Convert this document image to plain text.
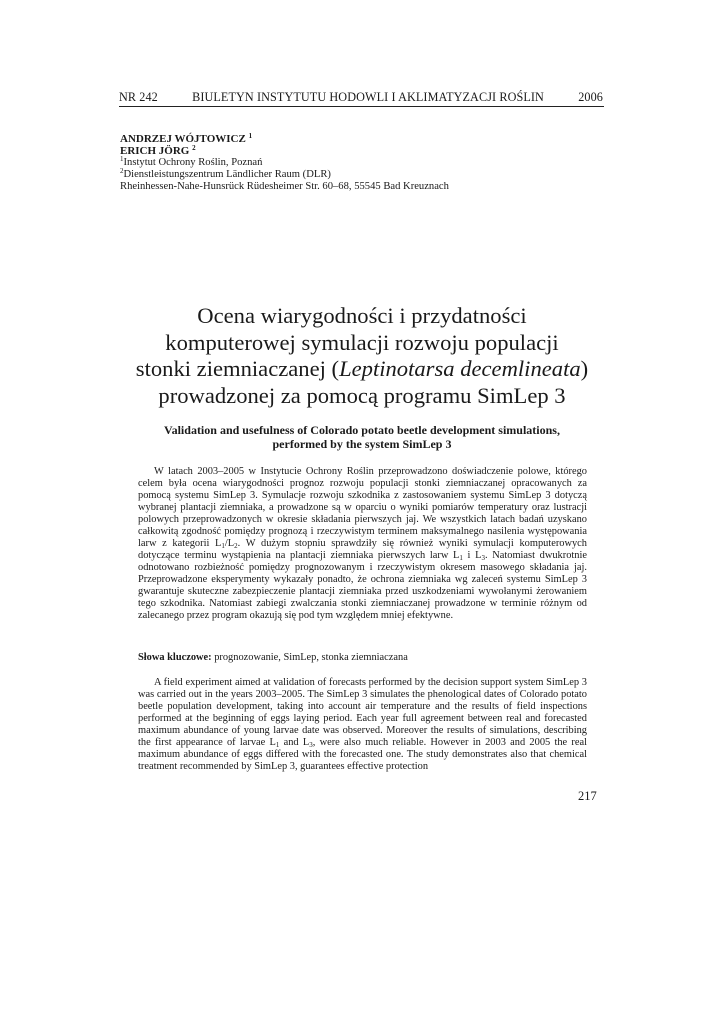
NR 242	BIULETYN INSTYTUTU HODOWLI I AKLIMATYZACJI ROŚLIN	2006
ANDRZEJ WÓJTOWICZ $^1$
ERICH JÖRG $^2$
$^1$Instytut Ochrony Roślin, Poznań
$^2$Dienstleistungszentrum Ländlicher Raum (DLR)
Rheinhessen-Nahe-Hunsrück Rüdesheimer Str. 60–68, 55545 Bad Kreuznach
Ocena wiarygodności i przydatności
komputerowej symulacji rozwoju populacji
stonki ziemniaczanej (Leptinotarsa decemlineata)
prowadzonej za pomocą programu SimLep 3
Validation and usefulness of Colorado potato beetle development simulations,
performed by the system SimLep 3

W latach 2003–2005 w Instytucie Ochrony Roślin przeprowadzono doświadczenie polowe, którego celem była ocena wiarygodności prognoz rozwoju populacji stonki ziemniaczanej opracowanych za pomocą systemu SimLep 3. Symulacje rozwoju szkodnika z zastosowaniem systemu SimLep 3 dotyczą wybranej plantacji ziemniaka, a prowadzone są w oparciu o wyniki pomiarów temperatury oraz lustracji polowych przeprowadzonych w okresie składania pierwszych jaj. We wszystkich latach badań uzyskano całkowitą zgodność pomiędzy prognozą i rzeczywistym terminem maksymalnego nasilenia występowania larw z kategorii $L_1/L_2$. W dużym stopniu sprawdziły się również wyniki symulacji komputerowych dotyczące terminu wystąpienia na plantacji ziemniaka pierwszych larw $L_1$ i $L_3$. Natomiast dwukrotnie odnotowano rozbieżność pomiędzy prognozowanym i rzeczywistym okresem masowego składania jaj. Przeprowadzone eksperymenty wykazały ponadto, że ochrona ziemniaka wg zaleceń systemu SimLep 3 gwarantuje skuteczne zabezpieczenie plantacji ziemniaka przed uszkodzeniami wywołanymi żerowaniem tego szkodnika. Natomiast zabiegi zwalczania stonki ziemniaczanej prowadzone w terminie różnym od zalecanego przez program okazują się pod tym względem mniej efektywne.

Słowa kluczowe: prognozowanie, SimLep, stonka ziemniaczana

A field experiment aimed at validation of forecasts performed by the decision support system SimLep 3 was carried out in the years 2003–2005. The SimLep 3 simulates the phenological dates of Colorado potato beetle population development, taking into account air temperature and the results of field inspections performed at the beginning of eggs laying period. Each year full agreement between real and forecasted maximum abundance of young larvae date was observed. Moreover the results of simulations, describing the first appearance of larvae $L_1$ and $L_3$, were also much reliable. However in 2003 and 2005 the real maximum abundance of eggs differed with the forecasted one. The study demonstrates also that chemical treatment recommended by SimLep 3, guarantees effective protection

217
